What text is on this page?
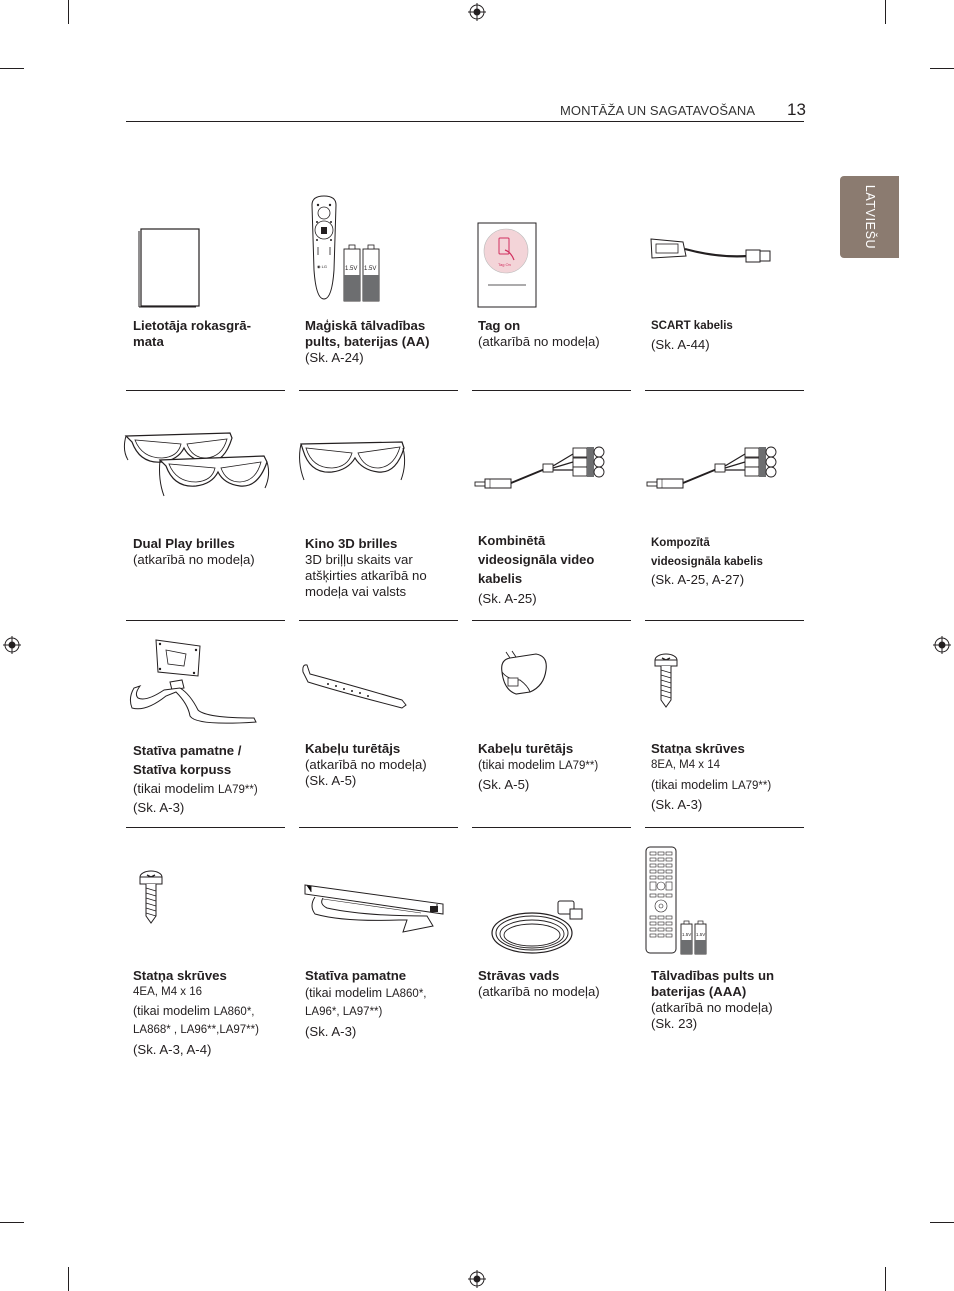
MONTĀŽA UN SAGATAVOŠANA 13
LATVIEŠU
Lietotāja rokasgrā-
mata
◉ LG	1.5V 1.5V
Maģiskā tālvadības
pults, baterijas (AA)
(Sk. A-24)
Tag On
Tag on
(atkarībā no modeļa)
SCART kabelis
(Sk. A-44)
Dual Play brilles
(atkarībā no modeļa)
Kino 3D brilles
3D briļļu skaits var
atšķirties atkarībā no
modeļa vai valsts
Kombinētā
videosignāla video
kabelis
(Sk. A-25)
Kompozītā
videosignāla kabelis
(Sk. A-25, A-27)
Statīva pamatne /
Statīva korpuss
(tikai modelim LA79**)
(Sk. A-3)
Kabeļu turētājs
(atkarībā no modeļa)
(Sk. A-5)
Kabeļu turētājs
(tikai modelim LA79**)
(Sk. A-5)
Statņa skrūves
8EA, M4 x 14
(tikai modelim LA79**)
(Sk. A-3)
Statņa skrūves
4EA, M4 x 16
(tikai modelim LA860*,
LA868* , LA96**,LA97**)
(Sk. A-3, A-4)
Statīva pamatne
(tikai modelim LA860*,
LA96*, LA97**)
(Sk. A-3)
Strāvas vads
(atkarībā no modeļa)
1.5V 1.5V
Tālvadības pults un
baterijas (AAA)
(atkarībā no modeļa)
(Sk. 23)
